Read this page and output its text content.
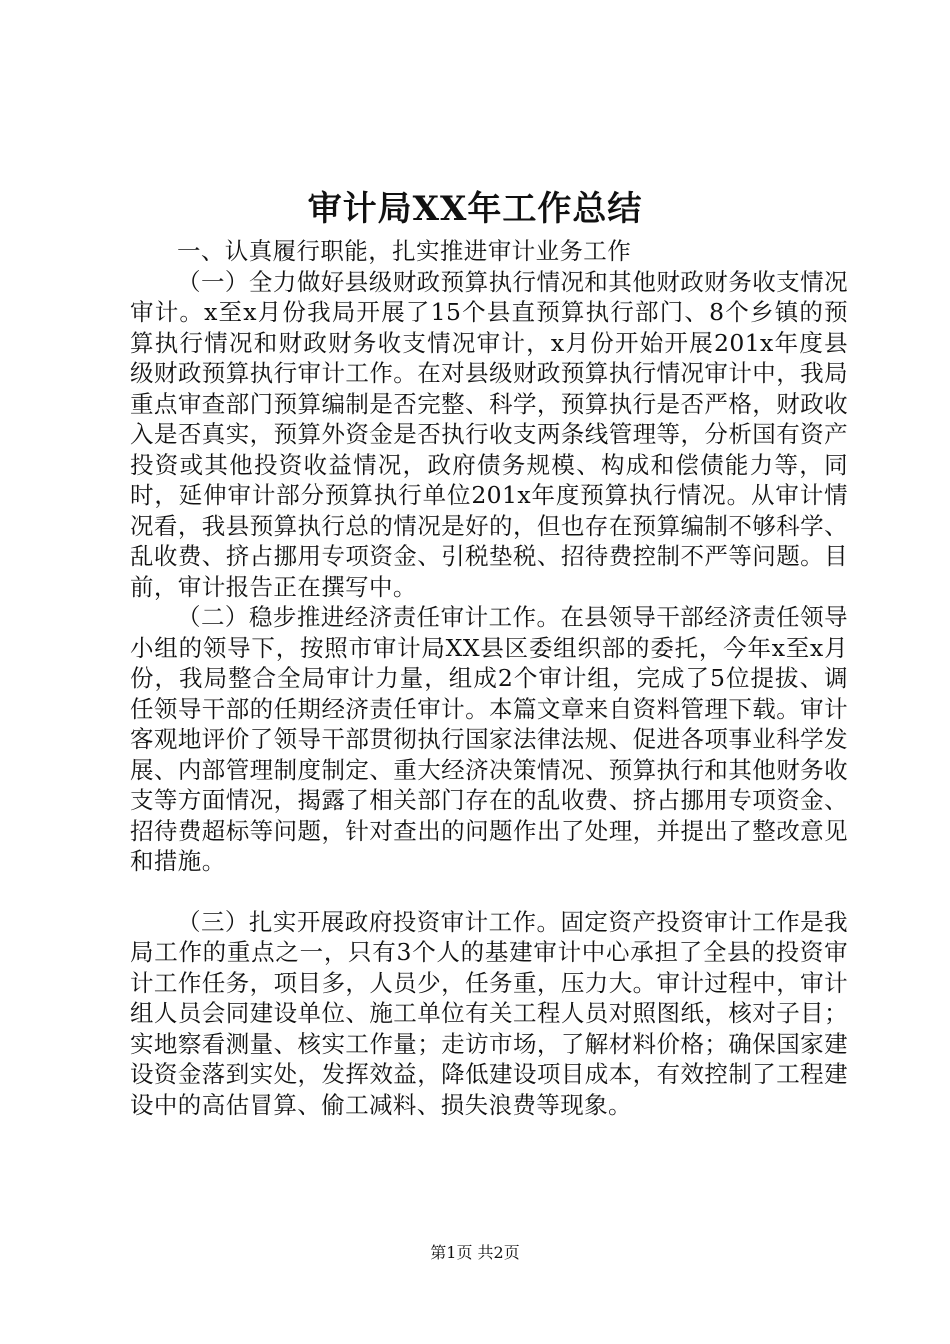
审计局XX年工作总结

一、认真履行职能，扎实推进审计业务工作

（一）全力做好县级财政预算执行情况和其他财政财务收支情况审计。x至x月份我局开展了15个县直预算执行部门、8个乡镇的预算执行情况和财政财务收支情况审计，x月份开始开展201x年度县级财政预算执行审计工作。在对县级财政预算执行情况审计中，我局重点审查部门预算编制是否完整、科学，预算执行是否严格，财政收入是否真实，预算外资金是否执行收支两条线管理等，分析国有资产投资或其他投资收益情况，政府债务规模、构成和偿债能力等，同时，延伸审计部分预算执行单位201x年度预算执行情况。从审计情况看，我县预算执行总的情况是好的，但也存在预算编制不够科学、乱收费、挤占挪用专项资金、引税垫税、招待费控制不严等问题。目前，审计报告正在撰写中。

（二）稳步推进经济责任审计工作。在县领导干部经济责任领导小组的领导下，按照市审计局XX县区委组织部的委托，今年x至x月份，我局整合全局审计力量，组成2个审计组，完成了5位提拔、调任领导干部的任期经济责任审计。本篇文章来自资料管理下载。审计客观地评价了领导干部贯彻执行国家法律法规、促进各项事业科学发展、内部管理制度制定、重大经济决策情况、预算执行和其他财务收支等方面情况，揭露了相关部门存在的乱收费、挤占挪用专项资金、招待费超标等问题，针对查出的问题作出了处理，并提出了整改意见和措施。

（三）扎实开展政府投资审计工作。固定资产投资审计工作是我局工作的重点之一，只有3个人的基建审计中心承担了全县的投资审计工作任务，项目多，人员少，任务重，压力大。审计过程中，审计组人员会同建设单位、施工单位有关工程人员对照图纸，核对子目；实地察看测量、核实工作量；走访市场，了解材料价格；确保国家建设资金落到实处，发挥效益，降低建设项目成本，有效控制了工程建设中的高估冒算、偷工减料、损失浪费等现象。

第1页 共2页
